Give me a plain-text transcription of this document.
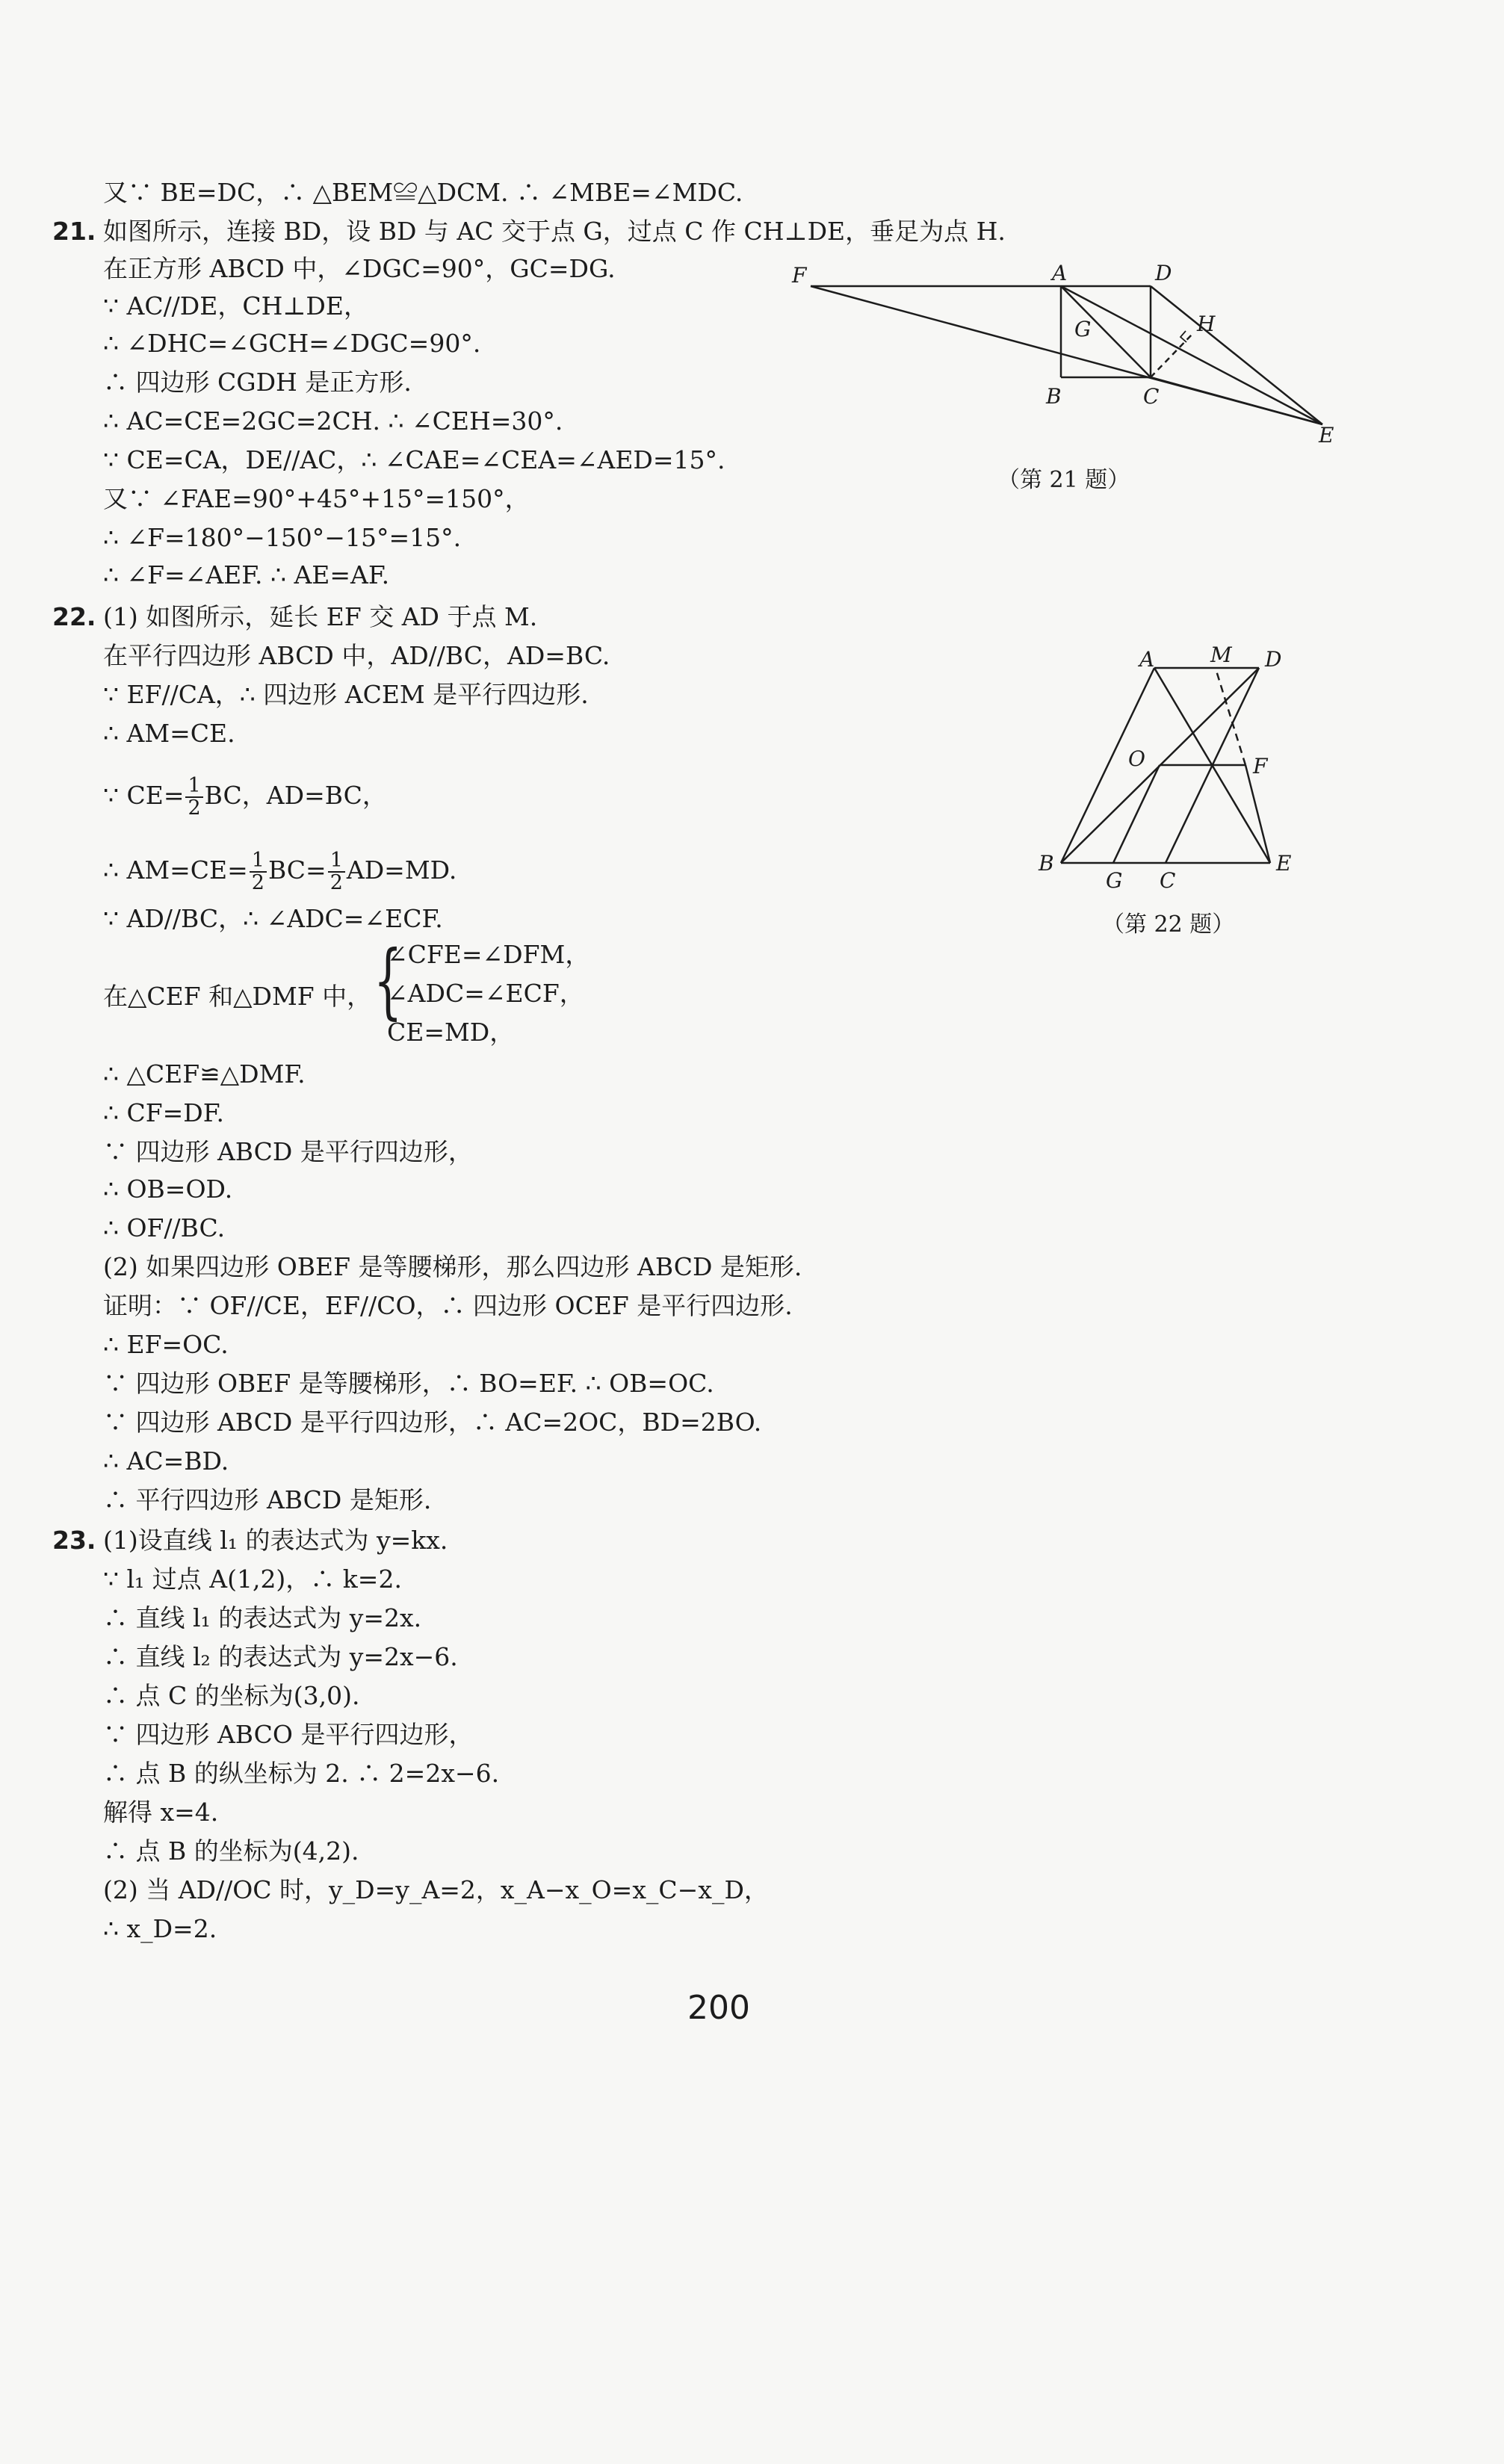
又∵ BE=DC，∴ △BEM≌△DCM. ∴ ∠MBE=∠MDC.
21. 如图所示，连接 BD，设 BD 与 AC 交于点 G，过点 C 作 CH⊥DE，垂足为点 H.
在正方形 ABCD 中，∠DGC=90°，GC=DG.
∵ AC//DE，CH⊥DE，
∴ ∠DHC=∠GCH=∠DGC=90°.
∴ 四边形 CGDH 是正方形.
∴ AC=CE=2GC=2CH. ∴ ∠CEH=30°.
∵ CE=CA，DE//AC，∴ ∠CAE=∠CEA=∠AED=15°.
又∵ ∠FAE=90°+45°+15°=150°，
∴ ∠F=180°−150°−15°=15°.
∴ ∠F=∠AEF. ∴ AE=AF.
F	A	D
G	H
B	C
E
（第 21 题）
22. (1) 如图所示，延长 EF 交 AD 于点 M.
在平行四边形 ABCD 中，AD//BC，AD=BC.
∵ EF//CA，∴ 四边形 ACEM 是平行四边形.
∴ AM=CE.
∵ $CE= \frac{1}{2}$ BC，AD=BC，
∴ $AM=CE= \frac{1}{2} BC= \frac{1}{2} AD=MD$.
∵ AD//BC，∴ ∠ADC=∠ECF.
在△CEF 和△DMF 中， {
∠CFE=∠DFM，
∠ADC=∠ECF，
CE=MD，
∴ △CEF≌△DMF.
∴ CF=DF.
∵ 四边形 ABCD 是平行四边形，
∴ OB=OD.
∴ OF//BC.
(2) 如果四边形 OBEF 是等腰梯形，那么四边形 ABCD 是矩形.
证明：∵ OF//CE，EF//CO，∴ 四边形 OCEF 是平行四边形.
∴ EF=OC.
∵ 四边形 OBEF 是等腰梯形，∴ BO=EF. ∴ OB=OC.
∵ 四边形 ABCD 是平行四边形，∴ AC=2OC，BD=2BO.
∴ AC=BD.
∴ 平行四边形 ABCD 是矩形.
A	M D
O	F
B
G C
E
（第 22 题）
23. (1)设直线 l₁ 的表达式为 y=kx.
∵ l₁ 过点 A(1,2)，∴ k=2.
∴ 直线 l₁ 的表达式为 y=2x.
∴ 直线 l₂ 的表达式为 y=2x−6.
∴ 点 C 的坐标为(3,0).
∵ 四边形 ABCO 是平行四边形，
∴ 点 B 的纵坐标为 2. ∴ 2=2x−6.
解得 x=4.
∴ 点 B 的坐标为(4,2).
(2) 当 AD//OC 时，y_D=y_A=2，x_A−x_O=x_C−x_D，
∴ x_D=2.
200
